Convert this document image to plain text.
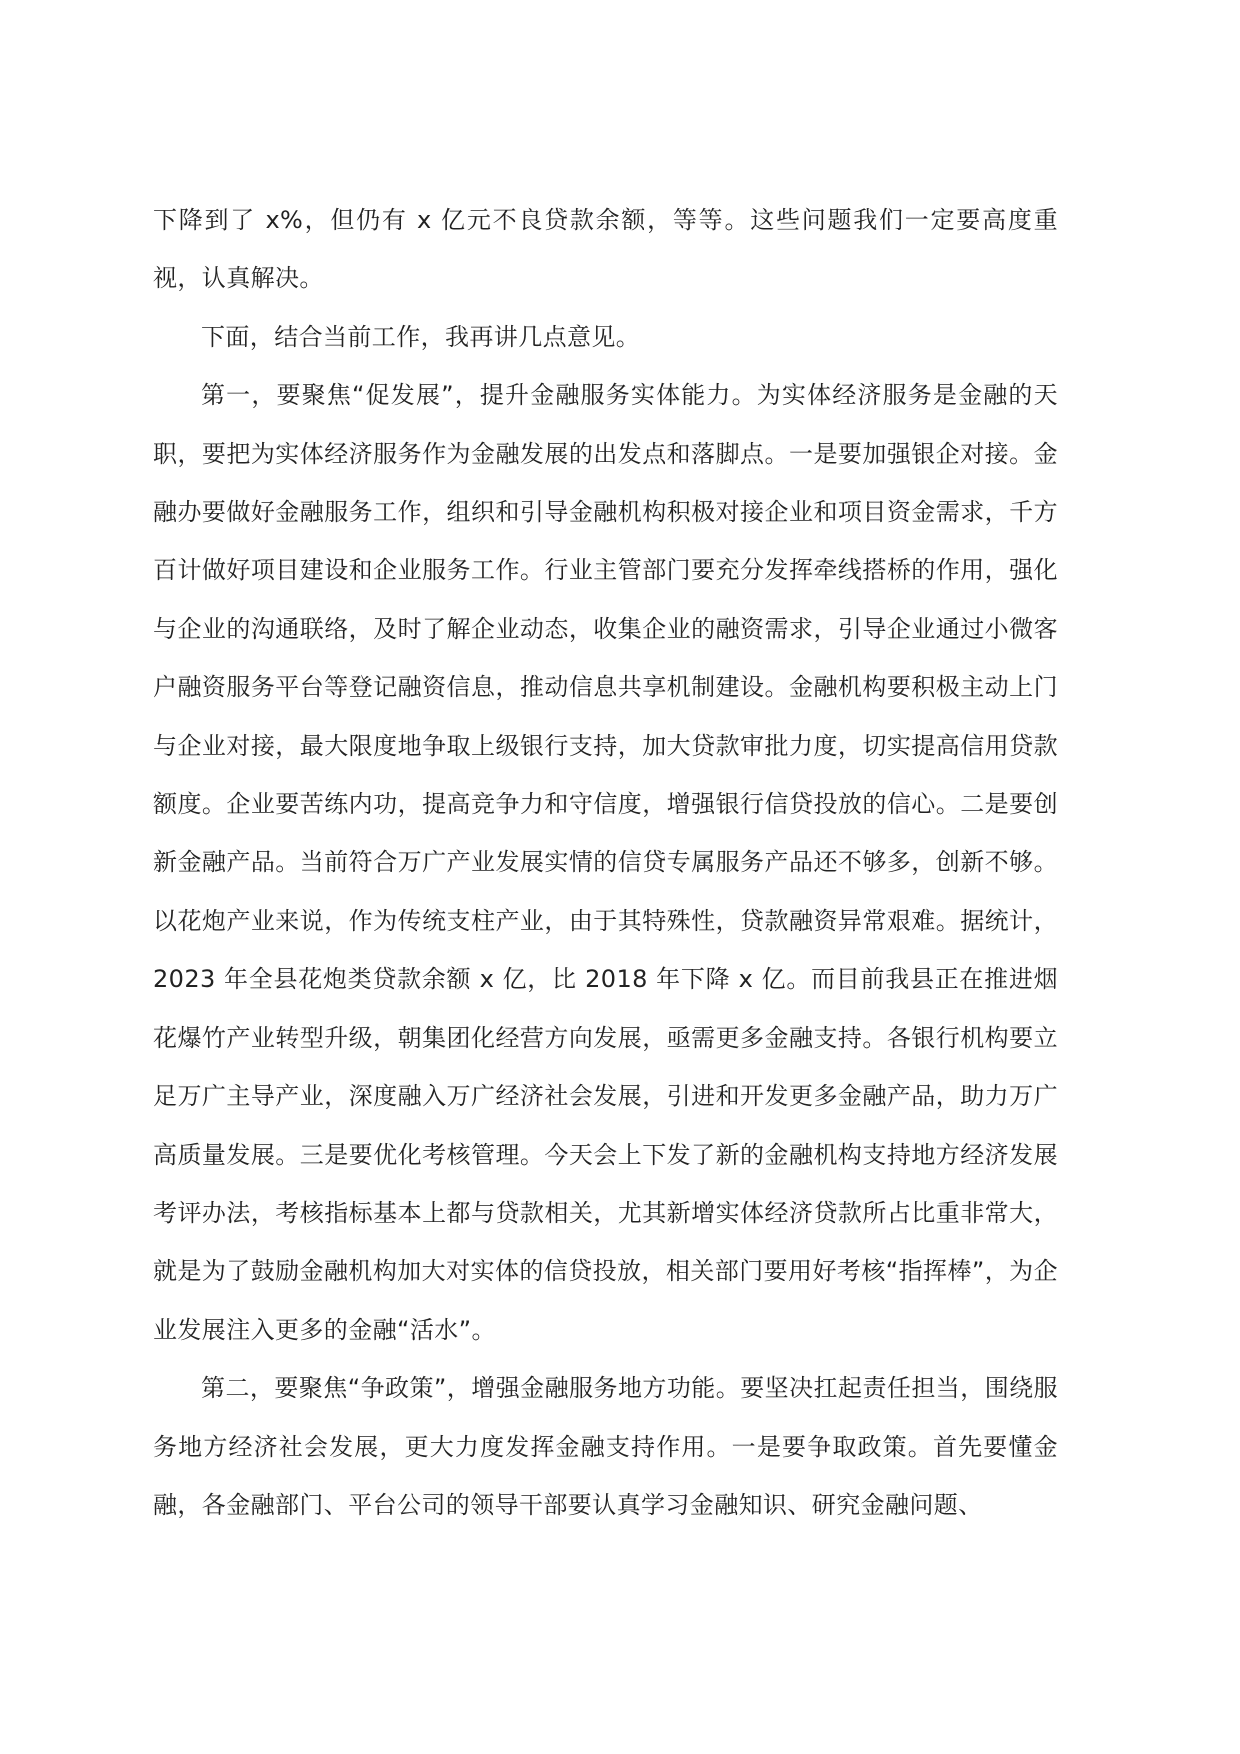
下降到了 x%，但仍有 x 亿元不良贷款余额，等等。这些问题我们一定要高度重视，认真解决。

下面，结合当前工作，我再讲几点意见。

第一，要聚焦“促发展”，提升金融服务实体能力。为实体经济服务是金融的天职，要把为实体经济服务作为金融发展的出发点和落脚点。一是要加强银企对接。金融办要做好金融服务工作，组织和引导金融机构积极对接企业和项目资金需求，千方百计做好项目建设和企业服务工作。行业主管部门要充分发挥牵线搭桥的作用，强化与企业的沟通联络，及时了解企业动态，收集企业的融资需求，引导企业通过小微客户融资服务平台等登记融资信息，推动信息共享机制建设。金融机构要积极主动上门与企业对接，最大限度地争取上级银行支持，加大贷款审批力度，切实提高信用贷款额度。企业要苦练内功，提高竞争力和守信度，增强银行信贷投放的信心。二是要创新金融产品。当前符合万广产业发展实情的信贷专属服务产品还不够多，创新不够。以花炮产业来说，作为传统支柱产业，由于其特殊性，贷款融资异常艰难。据统计，2023 年全县花炮类贷款余额 x 亿，比 2018 年下降 x 亿。而目前我县正在推进烟花爆竹产业转型升级，朝集团化经营方向发展，亟需更多金融支持。各银行机构要立足万广主导产业，深度融入万广经济社会发展，引进和开发更多金融产品，助力万广高质量发展。三是要优化考核管理。今天会上下发了新的金融机构支持地方经济发展考评办法，考核指标基本上都与贷款相关，尤其新增实体经济贷款所占比重非常大，就是为了鼓励金融机构加大对实体的信贷投放，相关部门要用好考核“指挥棒”，为企业发展注入更多的金融“活水”。

第二，要聚焦“争政策”，增强金融服务地方功能。要坚决扛起责任担当，围绕服务地方经济社会发展，更大力度发挥金融支持作用。一是要争取政策。首先要懂金融，各金融部门、平台公司的领导干部要认真学习金融知识、研究金融问题、
